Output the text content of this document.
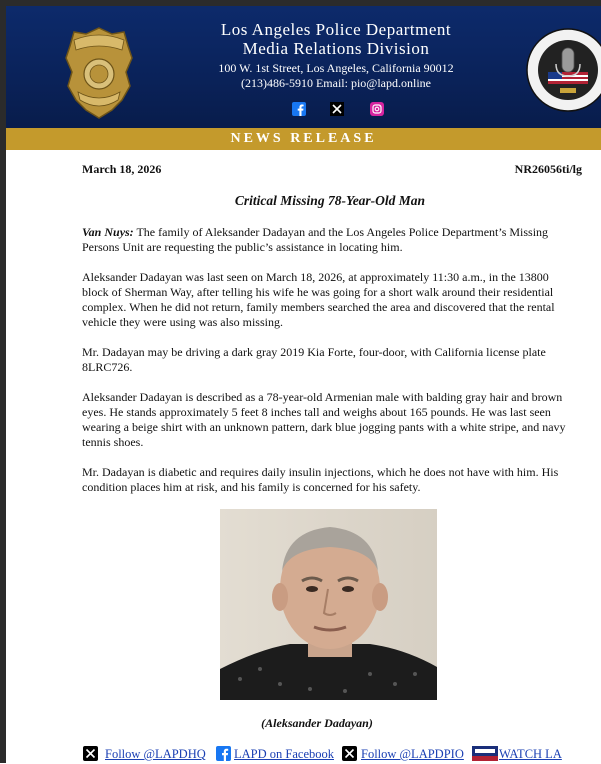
Los Angeles Police Department
Media Relations Division
100 W. 1st Street, Los Angeles, California 90012
(213)486-5910 Email: pio@lapd.online
NEWS RELEASE
March 18, 2026	NR26056ti/lg
Critical Missing 78-Year-Old Man

Van Nuys: The family of Aleksander Dadayan and the Los Angeles Police Department’s Missing Persons Unit are requesting the public’s assistance in locating him.

Aleksander Dadayan was last seen on March 18, 2026, at approximately 11:30 a.m., in the 13800 block of Sherman Way, after telling his wife he was going for a short walk around their residential complex. When he did not return, family members searched the area and discovered that the rental vehicle they were using was also missing.

Mr. Dadayan may be driving a dark gray 2019 Kia Forte, four-door, with California license plate 8LRC726.

Aleksander Dadayan is described as a 78-year-old Armenian male with balding gray hair and brown eyes. He stands approximately 5 feet 8 inches tall and weighs about 165 pounds. He was last seen wearing a beige shirt with an unknown pattern, dark blue jogging pants with a white stripe, and navy tennis shoes.

Mr. Dadayan is diabetic and requires daily insulin injections, which he does not have with him. His condition places him at risk, and his family is concerned for his safety.

(Aleksander Dadayan)
Follow @LAPDHQ LAPD on Facebook Follow @LAPDPIO	WATCH LA
